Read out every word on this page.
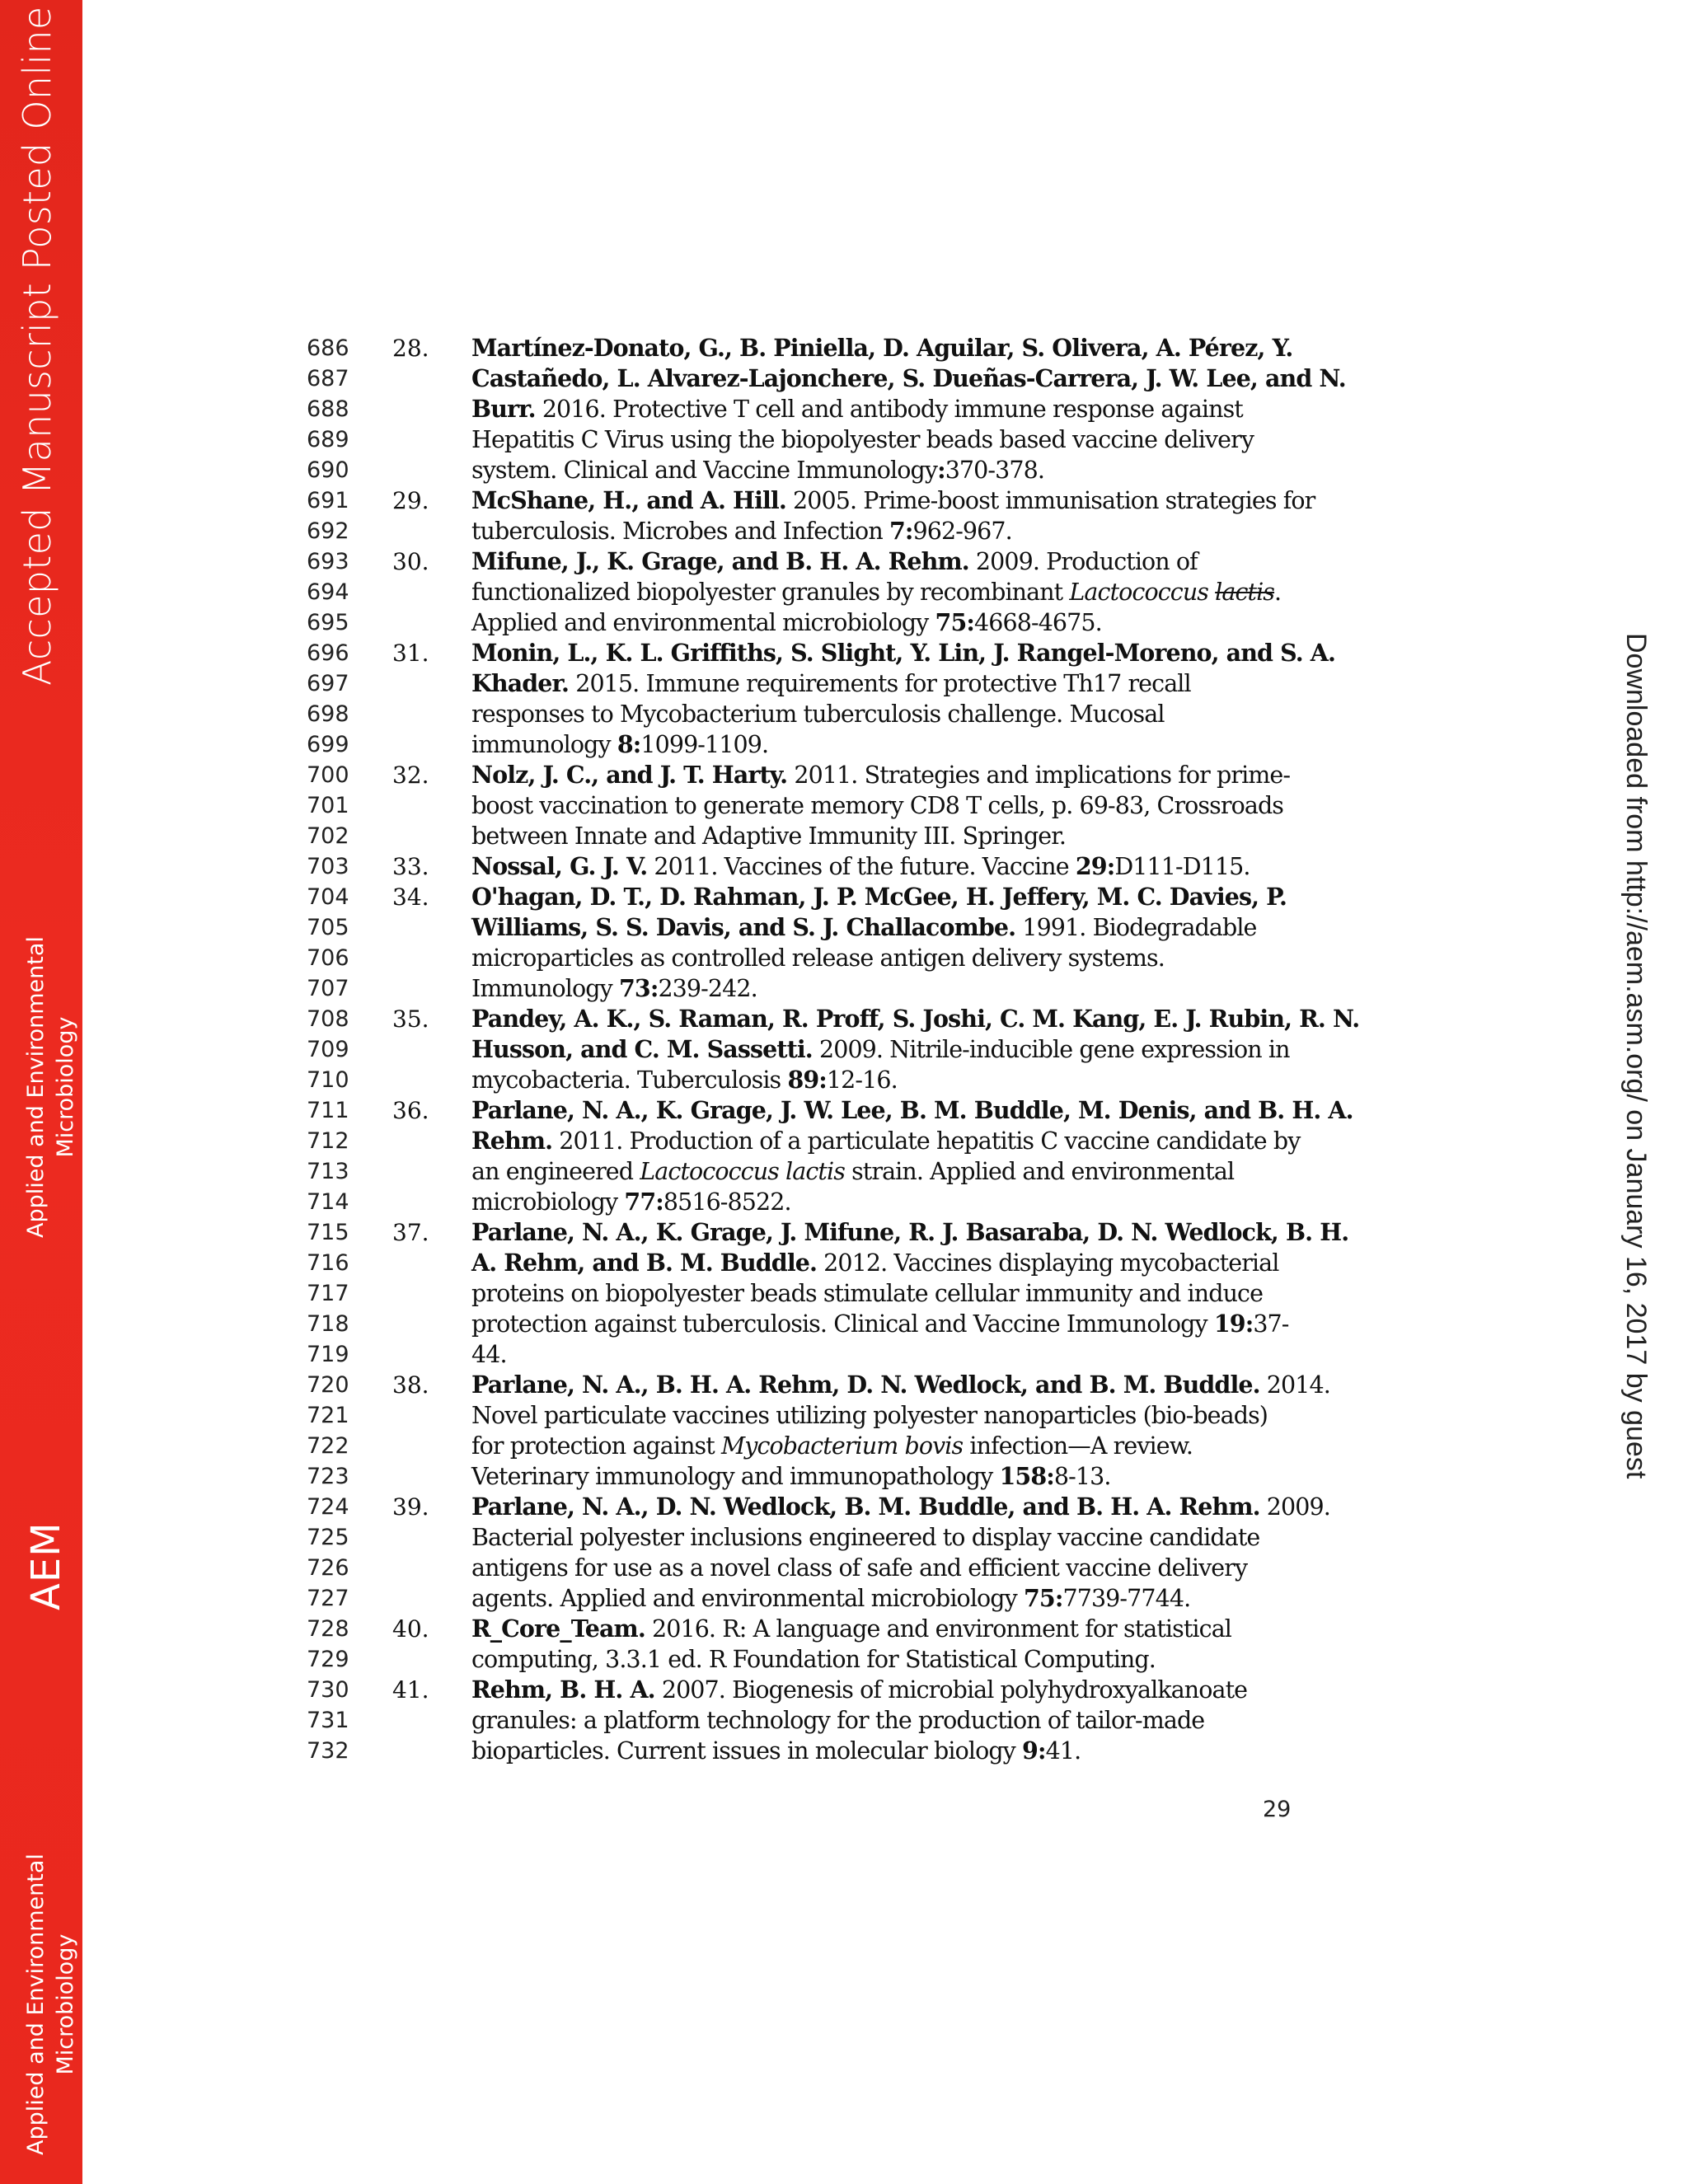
Accepted Manuscript Posted Online
Applied and Environmental Microbiology
AEM
Applied and Environmental Microbiology
Downloaded from http://aem.asm.org/ on January 16, 2017 by guest
686 28. Martínez-Donato, G., B. Piniella, D. Aguilar, S. Olivera, A. Pérez, Y.
687	Castañedo, L. Alvarez-Lajonchere, S. Dueñas-Carrera, J. W. Lee, and N.
688	Burr. 2016. Protective T cell and antibody immune response against
689	Hepatitis C Virus using the biopolyester beads based vaccine delivery
690	system. Clinical and Vaccine Immunology:370-378.
691 29. McShane, H., and A. Hill. 2005. Prime-boost immunisation strategies for
692	tuberculosis. Microbes and Infection 7:962-967.
693 30. Mifune, J., K. Grage, and B. H. A. Rehm. 2009. Production of
694	functionalized biopolyester granules by recombinant Lactococcus lactis.
695	Applied and environmental microbiology 75:4668-4675.
696 31. Monin, L., K. L. Griffiths, S. Slight, Y. Lin, J. Rangel-Moreno, and S. A.
697	Khader. 2015. Immune requirements for protective Th17 recall
698	responses to Mycobacterium tuberculosis challenge. Mucosal
699	immunology 8:1099-1109.
700 32. Nolz, J. C., and J. T. Harty. 2011. Strategies and implications for prime-
701	boost vaccination to generate memory CD8 T cells, p. 69-83, Crossroads
702	between Innate and Adaptive Immunity III. Springer.
703 33. Nossal, G. J. V. 2011. Vaccines of the future. Vaccine 29:D111-D115.
704 34. O'hagan, D. T., D. Rahman, J. P. McGee, H. Jeffery, M. C. Davies, P.
705	Williams, S. S. Davis, and S. J. Challacombe. 1991. Biodegradable
706	microparticles as controlled release antigen delivery systems.
707	Immunology 73:239-242.
708 35. Pandey, A. K., S. Raman, R. Proff, S. Joshi, C. M. Kang, E. J. Rubin, R. N.
709	Husson, and C. M. Sassetti. 2009. Nitrile-inducible gene expression in
710	mycobacteria. Tuberculosis 89:12-16.
711 36. Parlane, N. A., K. Grage, J. W. Lee, B. M. Buddle, M. Denis, and B. H. A.
712	Rehm. 2011. Production of a particulate hepatitis C vaccine candidate by
713	an engineered Lactococcus lactis strain. Applied and environmental
714	microbiology 77:8516-8522.
715 37. Parlane, N. A., K. Grage, J. Mifune, R. J. Basaraba, D. N. Wedlock, B. H.
716	A. Rehm, and B. M. Buddle. 2012. Vaccines displaying mycobacterial
717	proteins on biopolyester beads stimulate cellular immunity and induce
718	protection against tuberculosis. Clinical and Vaccine Immunology 19:37-
719	44.
720 38. Parlane, N. A., B. H. A. Rehm, D. N. Wedlock, and B. M. Buddle. 2014.
721	Novel particulate vaccines utilizing polyester nanoparticles (bio-beads)
722	for protection against Mycobacterium bovis infection—A review.
723	Veterinary immunology and immunopathology 158:8-13.
724 39. Parlane, N. A., D. N. Wedlock, B. M. Buddle, and B. H. A. Rehm. 2009.
725	Bacterial polyester inclusions engineered to display vaccine candidate
726	antigens for use as a novel class of safe and efficient vaccine delivery
727	agents. Applied and environmental microbiology 75:7739-7744.
728 40. R_Core_Team. 2016. R: A language and environment for statistical
729	computing, 3.3.1 ed. R Foundation for Statistical Computing.
730 41. Rehm, B. H. A. 2007. Biogenesis of microbial polyhydroxyalkanoate
731	granules: a platform technology for the production of tailor-made
732	bioparticles. Current issues in molecular biology 9:41.
29
